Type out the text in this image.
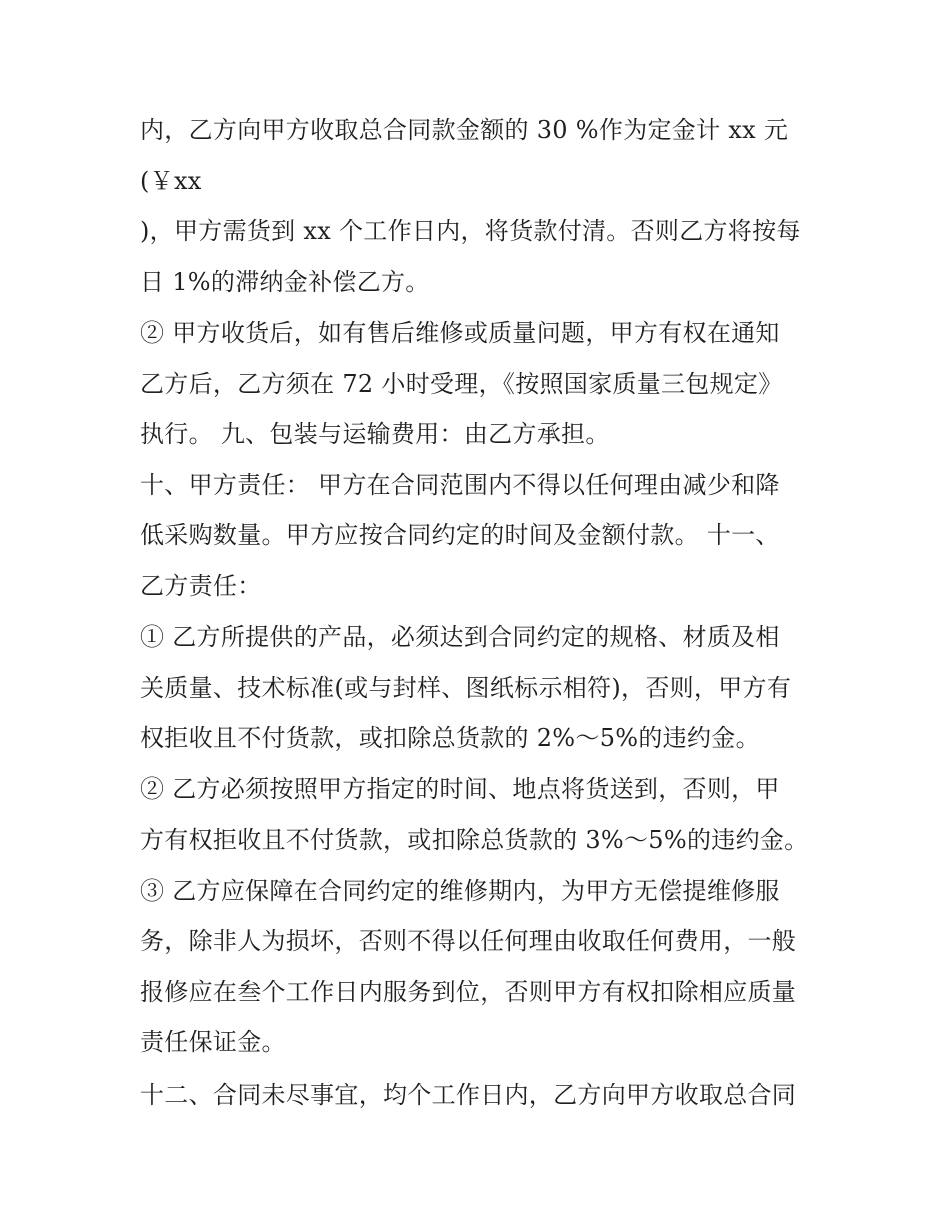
内，乙方向甲方收取总合同款金额的 30 %作为定金计 xx 元
(￥xx
)，甲方需货到 xx 个工作日内，将货款付清。否则乙方将按每
日 1%的滞纳金补偿乙方。
② 甲方收货后，如有售后维修或质量问题，甲方有权在通知
乙方后，乙方须在 72 小时受理，《按照国家质量三包规定》
执行。 九、包装与运输费用：由乙方承担。
十、甲方责任： 甲方在合同范围内不得以任何理由减少和降
低采购数量。甲方应按合同约定的时间及金额付款。 十一、
乙方责任：
① 乙方所提供的产品，必须达到合同约定的规格、材质及相
关质量、技术标准(或与封样、图纸标示相符)，否则，甲方有
权拒收且不付货款，或扣除总货款的 2%～5%的违约金。
② 乙方必须按照甲方指定的时间、地点将货送到，否则，甲
方有权拒收且不付货款，或扣除总货款的 3%～5%的违约金。
③ 乙方应保障在合同约定的维修期内，为甲方无偿提维修服
务，除非人为损坏，否则不得以任何理由收取任何费用，一般
报修应在叁个工作日内服务到位，否则甲方有权扣除相应质量
责任保证金。
十二、合同未尽事宜，均个工作日内，乙方向甲方收取总合同
